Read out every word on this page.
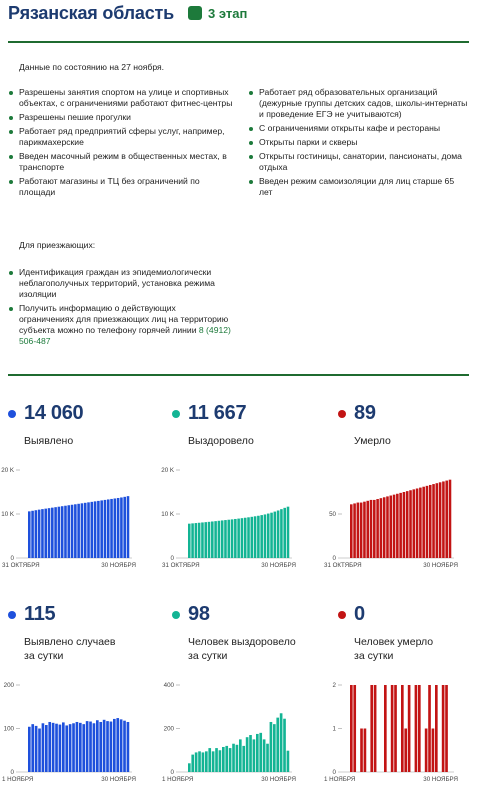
Рязанская область	3 этап
Данные по состоянию на 27 ноября.
Разрешены занятия спортом на улице и спортивных объектах, с ограничениями работают фитнес-центры
Разрешены пешие прогулки
Работает ряд предприятий сферы услуг, например, парикмахерские
Введен масочный режим в общественных местах, в транспорте
Работают магазины и ТЦ без ограничений по площади
Работает ряд образовательных организаций (дежурные группы детских садов, школы-интернаты и проведение ЕГЭ не учитываются)
С ограничениями открыты кафе и рестораны
Открыты парки и скверы
Открыты гостиницы, санатории, пансионаты, дома отдыха
Введен режим самоизоляции для лиц старше 65 лет
Для приезжающих:
Идентификация граждан из эпидемиологически неблагополучных территорий, установка режима изоляции
Получить информацию о действующих ограничениях для приезжающих лиц на территорию субъекта можно по телефону горячей линии 8 (4912) 506-487
14 060
Выявлено
11 667
Выздоровело
89
Умерло
0
10 K
20 K
31 ОКТЯБРЯ	30 НОЯБРЯ
0
10 K
20 K
31 ОКТЯБРЯ	30 НОЯБРЯ
0
50
31 ОКТЯБРЯ	30 НОЯБРЯ
115
Выявлено случаев
за сутки
98
Человек выздоровело
за сутки
0
Человек умерло
за сутки
0
100
200
1 НОЯБРЯ	30 НОЯБРЯ
0
200
400
1 НОЯБРЯ	30 НОЯБРЯ
0
1
2
1 НОЯБРЯ	30 НОЯБРЯ
